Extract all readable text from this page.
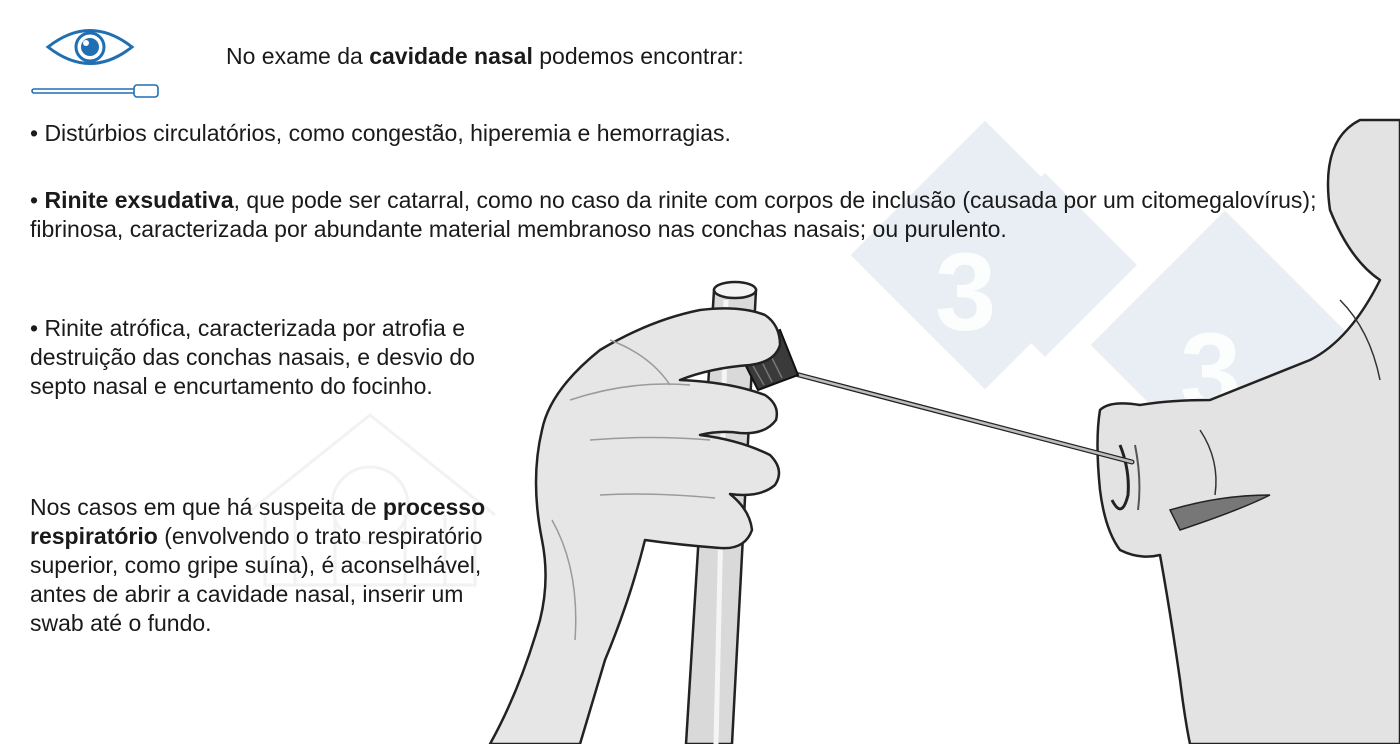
3
3
No exame da cavidade nasal podemos encontrar:
• Distúrbios circulatórios, como congestão, hiperemia e hemorragias.
• Rinite exsudativa, que pode ser catarral, como no caso da rinite com corpos de inclusão (causada por um citomegalovírus); fibrinosa, caracterizada por abundante material membranoso nas conchas nasais; ou purulento.
• Rinite atrófica, caracterizada por atrofia e destruição das conchas nasais, e desvio do septo nasal e encurtamento do focinho.
Nos casos em que há suspeita de processo respiratório (envolvendo o trato respiratório superior, como gripe suína), é aconselhável, antes de abrir a cavidade nasal, inserir um swab até o fundo.
